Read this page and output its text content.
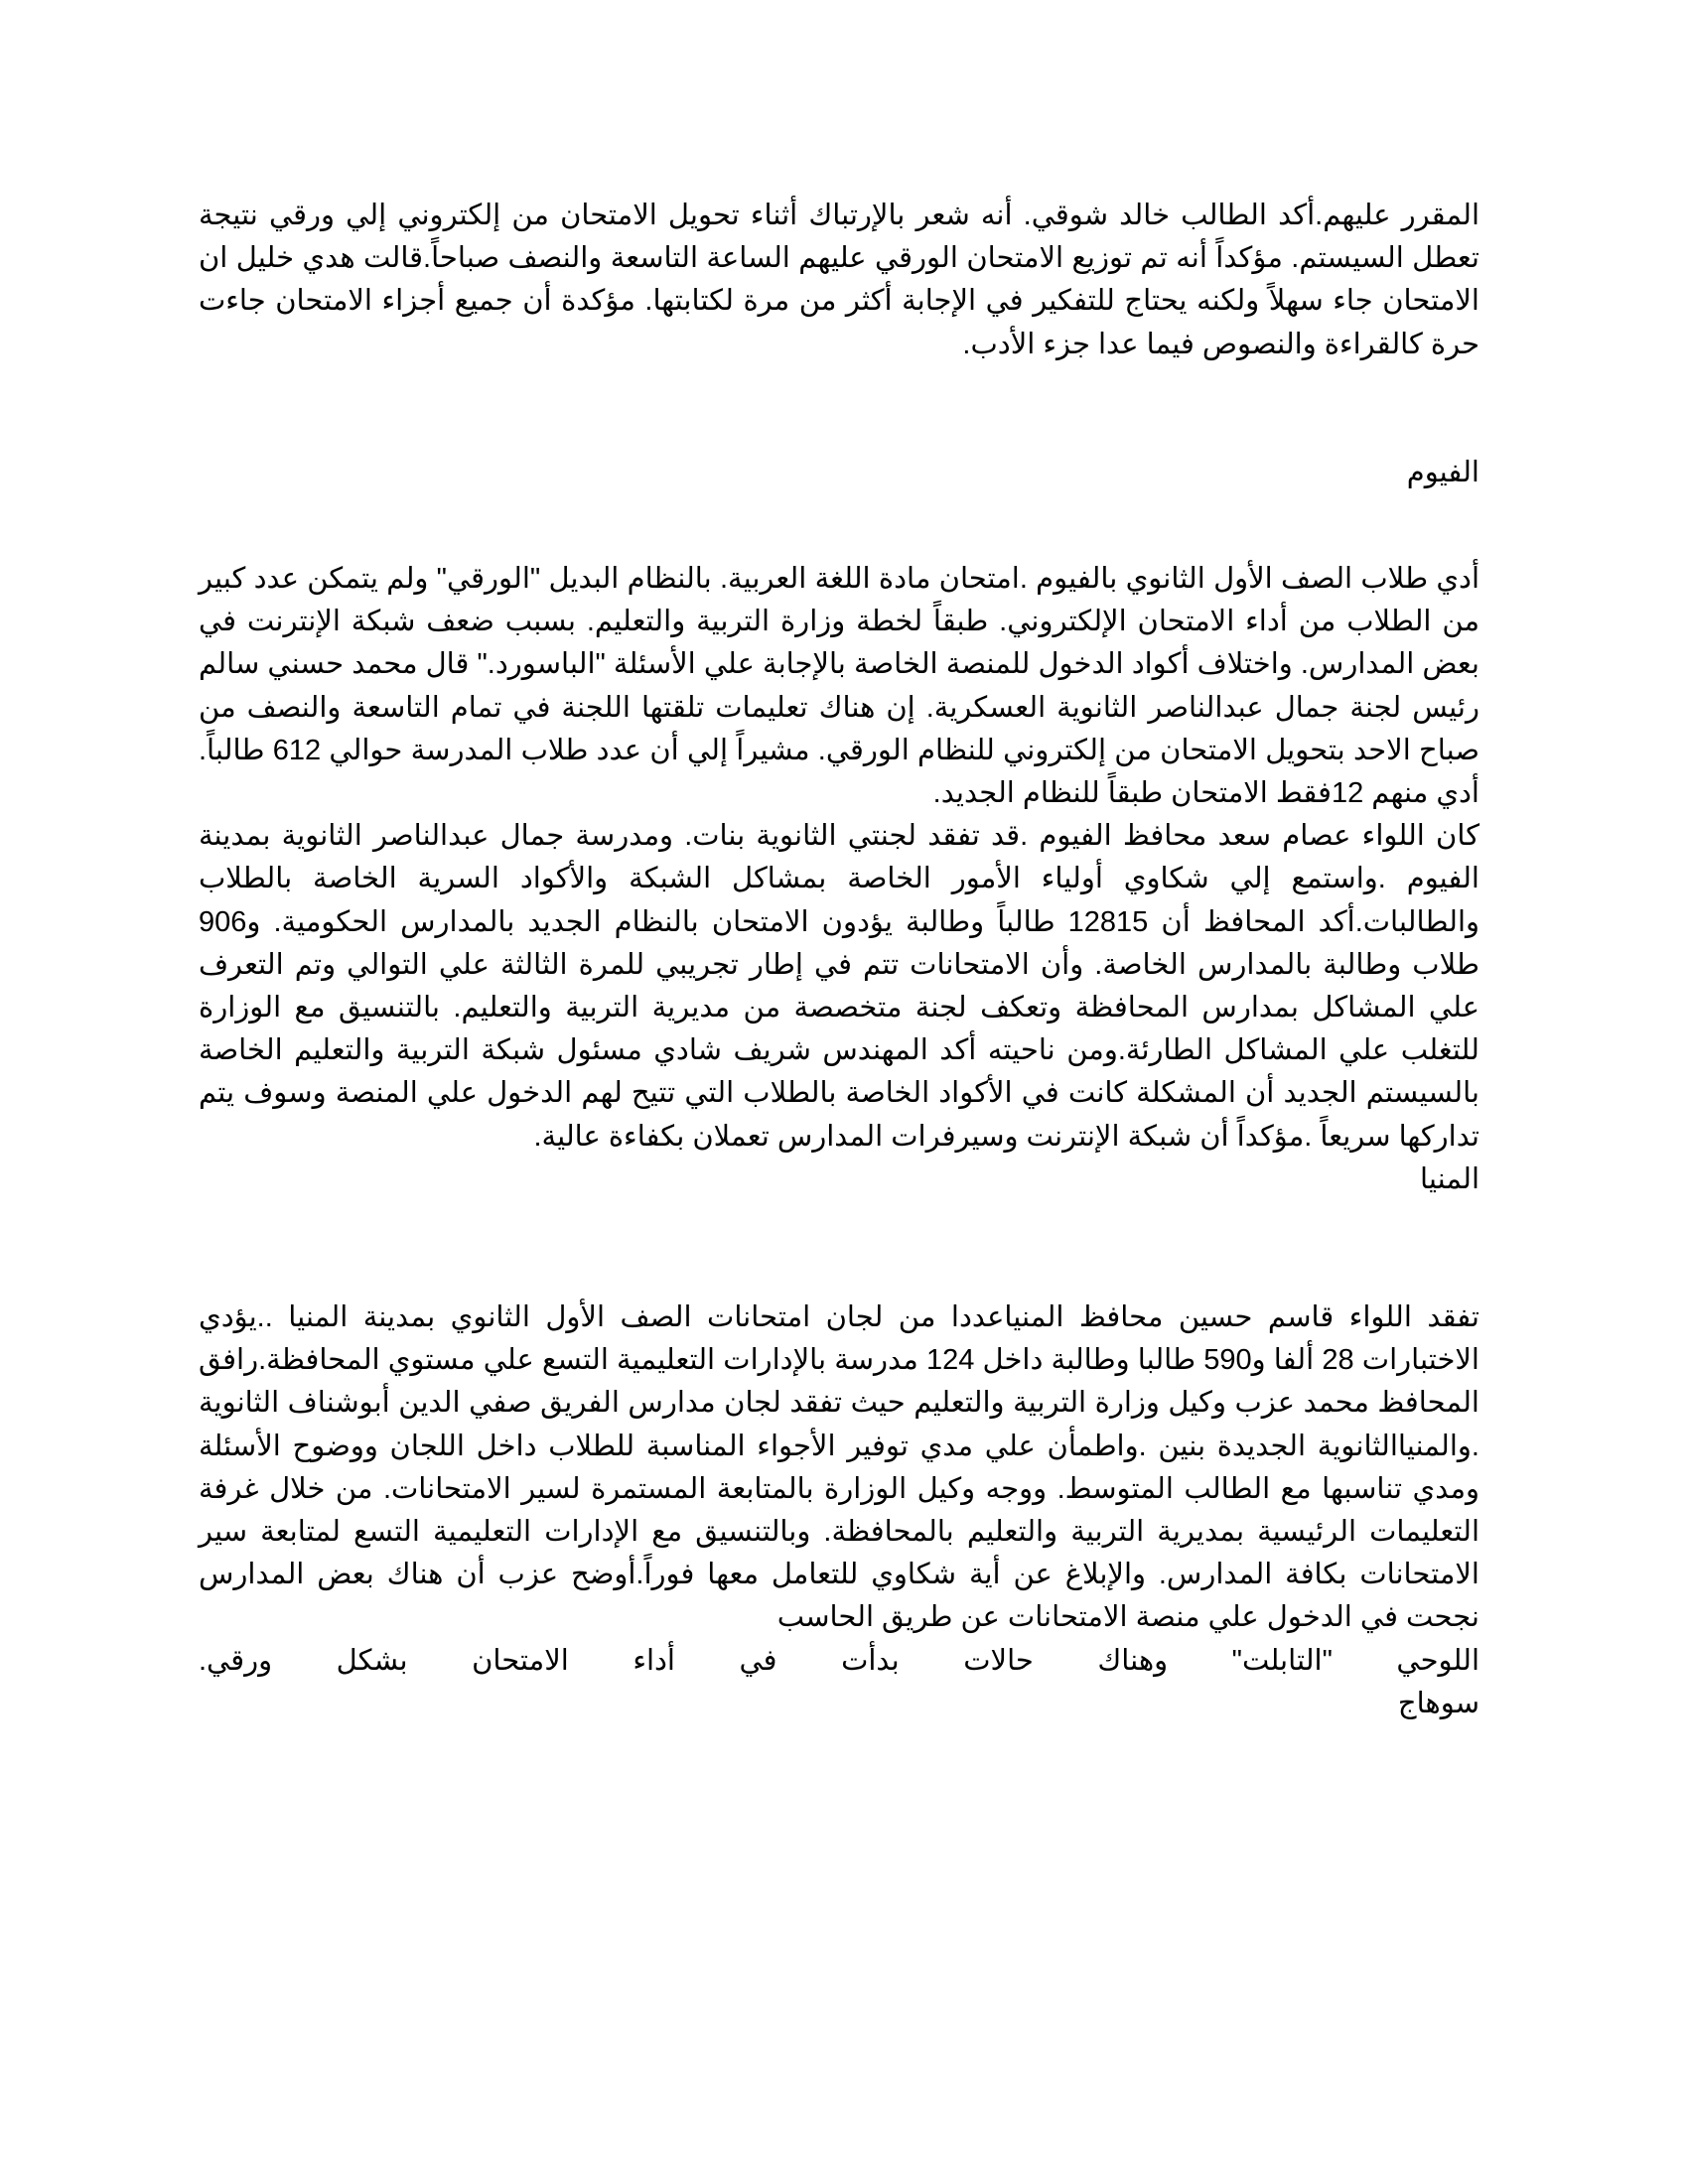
المقرر عليهم.أكد الطالب خالد شوقي. أنه شعر بالإرتباك أثناء تحويل الامتحان من إلكتروني إلي ورقي نتيجة تعطل السيستم. مؤكداً أنه تم توزيع الامتحان الورقي عليهم الساعة التاسعة والنصف صباحاً.قالت هدي خليل ان الامتحان جاء سهلاً ولكنه يحتاج للتفكير في الإجابة أكثر من مرة لكتابتها. مؤكدة أن جميع أجزاء الامتحان جاءت حرة كالقراءة والنصوص فيما عدا جزء الأدب.

الفيوم

أدي طلاب الصف الأول الثانوي بالفيوم .امتحان مادة اللغة العربية. بالنظام البديل "الورقي" ولم يتمكن عدد كبير من الطلاب من أداء الامتحان الإلكتروني. طبقاً لخطة وزارة التربية والتعليم. بسبب ضعف شبكة الإنترنت في بعض المدارس. واختلاف أكواد الدخول للمنصة الخاصة بالإجابة علي الأسئلة "الباسورد." قال محمد حسني سالم رئيس لجنة جمال عبدالناصر الثانوية العسكرية. إن هناك تعليمات تلقتها اللجنة في تمام التاسعة والنصف من صباح الاحد بتحويل الامتحان من إلكتروني للنظام الورقي. مشيراً إلي أن عدد طلاب المدرسة حوالي 612 طالباً. أدي منهم 12فقط الامتحان طبقاً للنظام الجديد.

كان اللواء عصام سعد محافظ الفيوم .قد تفقد لجنتي الثانوية بنات. ومدرسة جمال عبدالناصر الثانوية بمدينة الفيوم .واستمع إلي شكاوي أولياء الأمور الخاصة بمشاكل الشبكة والأكواد السرية الخاصة بالطلاب والطالبات.أكد المحافظ أن 12815 طالباً وطالبة يؤدون الامتحان بالنظام الجديد بالمدارس الحكومية. و906 طلاب وطالبة بالمدارس الخاصة. وأن الامتحانات تتم في إطار تجريبي للمرة الثالثة علي التوالي وتم التعرف علي المشاكل بمدارس المحافظة وتعكف لجنة متخصصة من مديرية التربية والتعليم. بالتنسيق مع الوزارة للتغلب علي المشاكل الطارئة.ومن ناحيته أكد المهندس شريف شادي مسئول شبكة التربية والتعليم الخاصة بالسيستم الجديد أن المشكلة كانت في الأكواد الخاصة بالطلاب التي تتيح لهم الدخول علي المنصة وسوف يتم تداركها سريعاً .مؤكداً أن شبكة الإنترنت وسيرفرات المدارس تعملان بكفاءة عالية.

المنيا

تفقد اللواء قاسم حسين محافظ المنياعددا من لجان امتحانات الصف الأول الثانوي بمدينة المنيا ..يؤدي الاختبارات 28 ألفا و590 طالبا وطالبة داخل 124 مدرسة بالإدارات التعليمية التسع علي مستوي المحافظة.رافق المحافظ محمد عزب وكيل وزارة التربية والتعليم حيث تفقد لجان مدارس الفريق صفي الدين أبوشناف الثانوية .والمنياالثانوية الجديدة بنين .واطمأن علي مدي توفير الأجواء المناسبة للطلاب داخل اللجان ووضوح الأسئلة ومدي تناسبها مع الطالب المتوسط. ووجه وكيل الوزارة بالمتابعة المستمرة لسير الامتحانات. من خلال غرفة التعليمات الرئيسية بمديرية التربية والتعليم بالمحافظة. وبالتنسيق مع الإدارات التعليمية التسع لمتابعة سير الامتحانات بكافة المدارس. والإبلاغ عن أية شكاوي للتعامل معها فوراً.أوضح عزب أن هناك بعض المدارس نجحت في الدخول علي منصة الامتحانات عن طريق الحاسب

اللوحي "التابلت" وهناك حالات بدأت في أداء الامتحان بشكل ورقي.

سوهاج
